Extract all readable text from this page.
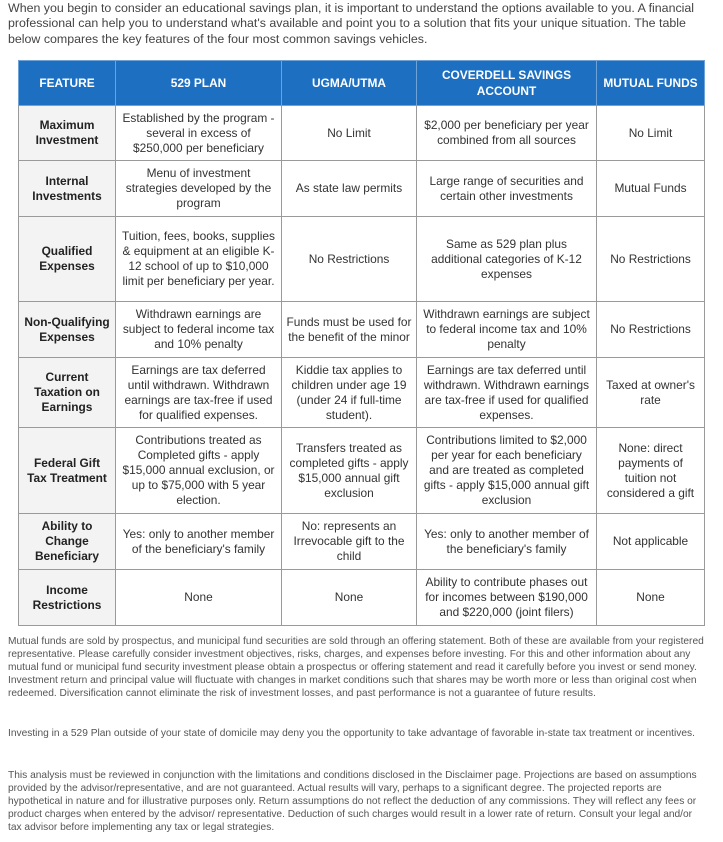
When you begin to consider an educational savings plan, it is important to understand the options available to you. A financial professional can help you to understand what's available and point you to a solution that fits your unique situation. The table below compares the key features of the four most common savings vehicles.
FEATURE	529 PLAN	UGMA/UTMA	COVERDELL SAVINGS ACCOUNT	MUTUAL FUNDS
Maximum Investment	Established by the program - several in excess of $250,000 per beneficiary	No Limit	$2,000 per beneficiary per year combined from all sources	No Limit
Internal Investments	Menu of investment strategies developed by the program	As state law permits	Large range of securities and certain other investments	Mutual Funds
Qualified Expenses	Tuition, fees, books, supplies & equipment at an eligible K-12 school of up to $10,000 limit per beneficiary per year.	No Restrictions	Same as 529 plan plus additional categories of K-12 expenses	No Restrictions
Non-Qualifying Expenses	Withdrawn earnings are subject to federal income tax and 10% penalty	Funds must be used for the benefit of the minor	Withdrawn earnings are subject to federal income tax and 10% penalty	No Restrictions
Current Taxation on Earnings	Earnings are tax deferred until withdrawn. Withdrawn earnings are tax-free if used for qualified expenses.	Kiddie tax applies to children under age 19 (under 24 if full-time student).	Earnings are tax deferred until withdrawn. Withdrawn earnings are tax-free if used for qualified expenses.	Taxed at owner's rate
Federal Gift Tax Treatment	Contributions treated as Completed gifts - apply $15,000 annual exclusion, or up to $75,000 with 5 year election.	Transfers treated as completed gifts - apply $15,000 annual gift exclusion	Contributions limited to $2,000 per year for each beneficiary and are treated as completed gifts - apply $15,000 annual gift exclusion	None: direct payments of tuition not considered a gift
Ability to Change Beneficiary	Yes: only to another member of the beneficiary's family	No: represents an Irrevocable gift to the child	Yes: only to another member of the beneficiary's family	Not applicable
Income Restrictions	None	None	Ability to contribute phases out for incomes between $190,000 and $220,000 (joint filers)	None
Mutual funds are sold by prospectus, and municipal fund securities are sold through an offering statement. Both of these are available from your registered representative. Please carefully consider investment objectives, risks, charges, and expenses before investing. For this and other information about any mutual fund or municipal fund security investment please obtain a prospectus or offering statement and read it carefully before you invest or send money. Investment return and principal value will fluctuate with changes in market conditions such that shares may be worth more or less than original cost when redeemed. Diversification cannot eliminate the risk of investment losses, and past performance is not a guarantee of future results.
Investing in a 529 Plan outside of your state of domicile may deny you the opportunity to take advantage of favorable in-state tax treatment or incentives.
This analysis must be reviewed in conjunction with the limitations and conditions disclosed in the Disclaimer page. Projections are based on assumptions provided by the advisor/representative, and are not guaranteed. Actual results will vary, perhaps to a significant degree. The projected reports are hypothetical in nature and for illustrative purposes only. Return assumptions do not reflect the deduction of any commissions. They will reflect any fees or product charges when entered by the advisor/ representative. Deduction of such charges would result in a lower rate of return. Consult your legal and/or tax advisor before implementing any tax or legal strategies.
